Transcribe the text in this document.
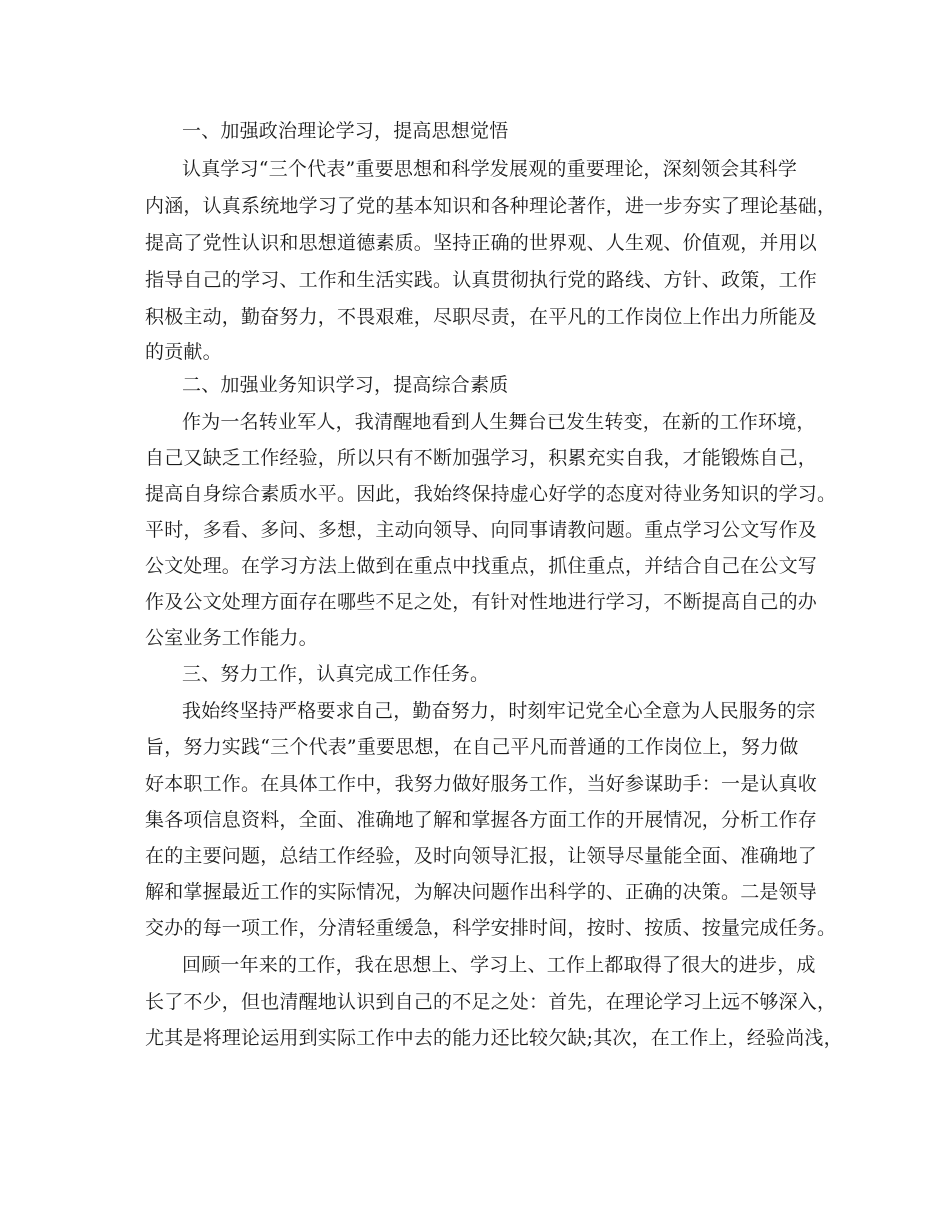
一、加强政治理论学习，提高思想觉悟
认真学习“三个代表”重要思想和科学发展观的重要理论，深刻领会其科学
内涵，认真系统地学习了党的基本知识和各种理论著作，进一步夯实了理论基础，
提高了党性认识和思想道德素质。坚持正确的世界观、人生观、价值观，并用以
指导自己的学习、工作和生活实践。认真贯彻执行党的路线、方针、政策，工作
积极主动，勤奋努力，不畏艰难，尽职尽责，在平凡的工作岗位上作出力所能及
的贡献。
二、加强业务知识学习，提高综合素质
作为一名转业军人，我清醒地看到人生舞台已发生转变，在新的工作环境，
自己又缺乏工作经验，所以只有不断加强学习，积累充实自我，才能锻炼自己，
提高自身综合素质水平。因此，我始终保持虚心好学的态度对待业务知识的学习。
平时，多看、多问、多想，主动向领导、向同事请教问题。重点学习公文写作及
公文处理。在学习方法上做到在重点中找重点，抓住重点，并结合自己在公文写
作及公文处理方面存在哪些不足之处，有针对性地进行学习，不断提高自己的办
公室业务工作能力。
三、努力工作，认真完成工作任务。
我始终坚持严格要求自己，勤奋努力，时刻牢记党全心全意为人民服务的宗
旨，努力实践“三个代表”重要思想，在自己平凡而普通的工作岗位上，努力做
好本职工作。在具体工作中，我努力做好服务工作，当好参谋助手：一是认真收
集各项信息资料，全面、准确地了解和掌握各方面工作的开展情况，分析工作存
在的主要问题，总结工作经验，及时向领导汇报，让领导尽量能全面、准确地了
解和掌握最近工作的实际情况，为解决问题作出科学的、正确的决策。二是领导
交办的每一项工作，分清轻重缓急，科学安排时间，按时、按质、按量完成任务。
回顾一年来的工作，我在思想上、学习上、工作上都取得了很大的进步，成
长了不少，但也清醒地认识到自己的不足之处：首先，在理论学习上远不够深入，
尤其是将理论运用到实际工作中去的能力还比较欠缺;其次，在工作上，经验尚浅，
